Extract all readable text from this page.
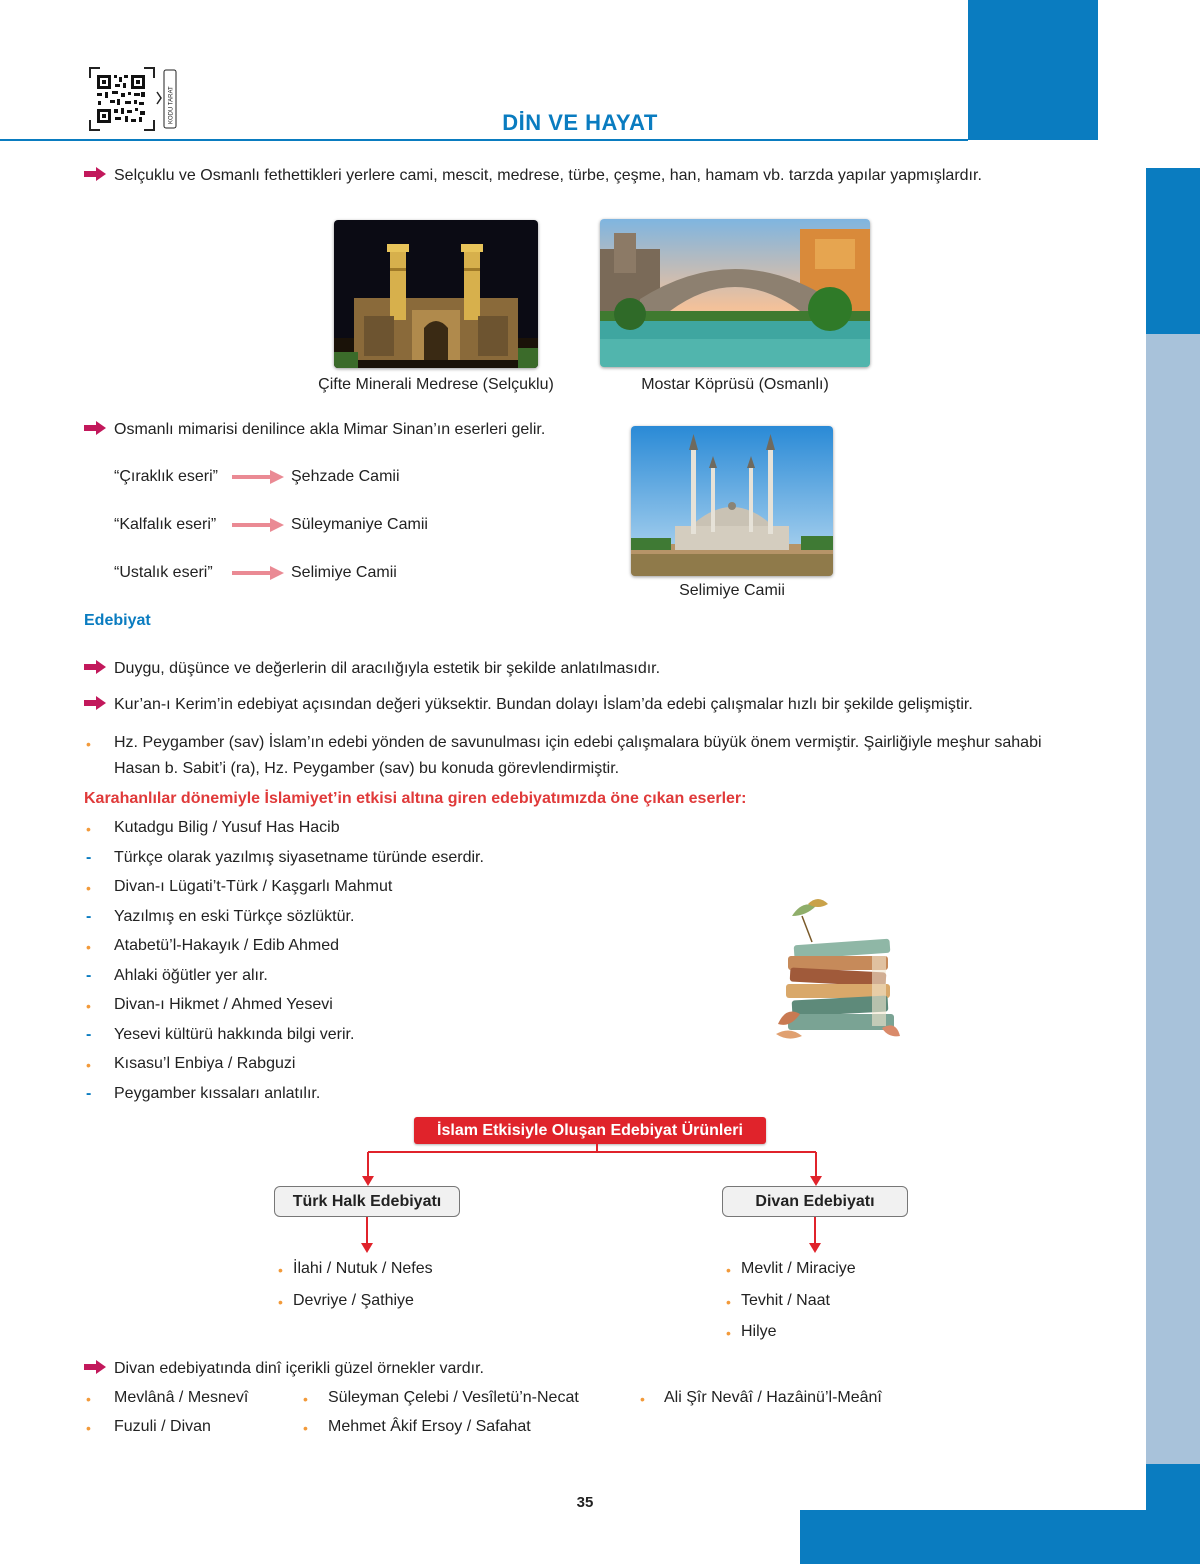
KODU TARAT	DİN VE HAYAT
Selçuklu ve Osmanlı fethettikleri yerlere cami, mescit, medrese, türbe, çeşme, han, hamam vb. tarzda yapılar yapmışlardır.
Çifte Minerali Medrese (Selçuklu)	Mostar Köprüsü (Osmanlı)
Osmanlı mimarisi denilince akla Mimar Sinan’ın eserleri gelir.
“Çıraklık eseri”	Şehzade Camii
“Kalfalık eseri”	Süleymaniye Camii
“Ustalık eseri”	Selimiye Camii
Selimiye Camii
Edebiyat
Duygu, düşünce ve değerlerin dil aracılığıyla estetik bir şekilde anlatılmasıdır.
Kur’an-ı Kerim’in edebiyat açısından değeri yüksektir. Bundan dolayı İslam’da edebi çalışmalar hızlı bir şekilde gelişmiştir.
• Hz. Peygamber (sav) İslam’ın edebi yönden de savunulması için edebi çalışmalara büyük önem vermiştir. Şairliğiyle meşhur sahabi
Hasan b. Sabit’i (ra), Hz. Peygamber (sav) bu konuda görevlendirmiştir.
Karahanlılar dönemiyle İslamiyet’in etkisi altına giren edebiyatımızda öne çıkan eserler:
• Kutadgu Bilig / Yusuf Has Hacib
- Türkçe olarak yazılmış siyasetname türünde eserdir.
• Divan-ı Lügati’t-Türk / Kaşgarlı Mahmut
- Yazılmış en eski Türkçe sözlüktür.
• Atabetü’l-Hakayık / Edib Ahmed
- Ahlaki öğütler yer alır.
• Divan-ı Hikmet / Ahmed Yesevi
- Yesevi kültürü hakkında bilgi verir.
• Kısasu’l Enbiya / Rabguzi
- Peygamber kıssaları anlatılır.
İslam Etkisiyle Oluşan Edebiyat Ürünleri
Türk Halk Edebiyatı	Divan Edebiyatı
• İlahi / Nutuk / Nefes
• Devriye / Şathiye
• Mevlit / Miraciye
• Tevhit / Naat
• Hilye
Divan edebiyatında dinî içerikli güzel örnekler vardır.
• Mevlânâ / Mesnevî
• Fuzuli / Divan
• Süleyman Çelebi / Vesîletü’n-Necat
• Mehmet Âkif Ersoy / Safahat
• Ali Şîr Nevâî / Hazâinü’l-Meânî
35
